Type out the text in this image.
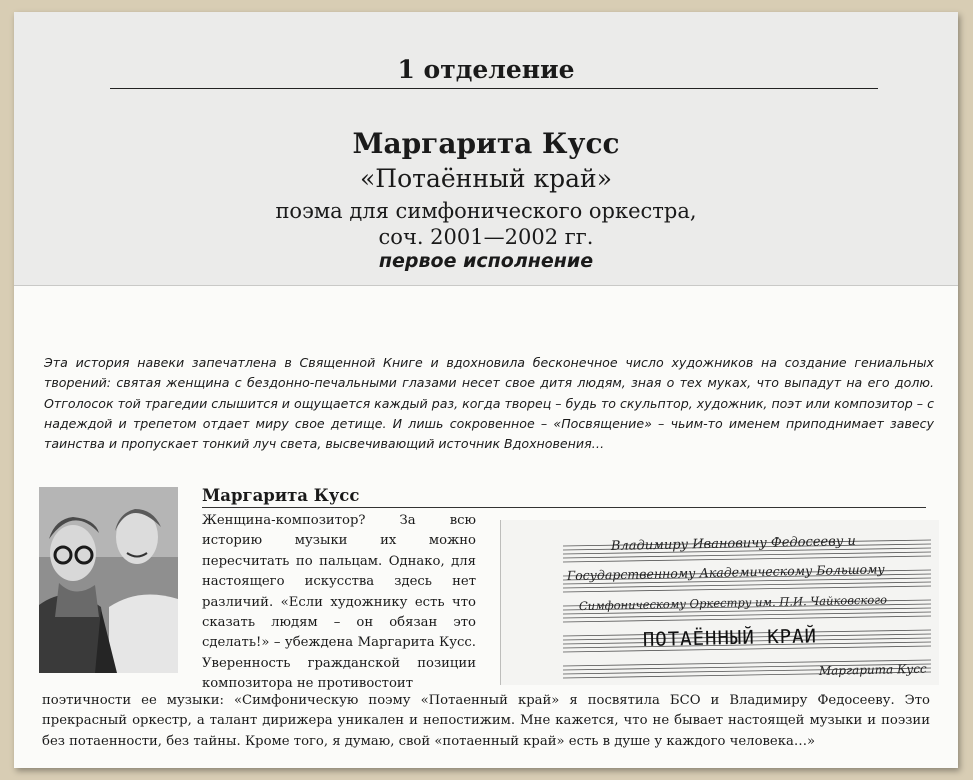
1 отделение
Маргарита Кусс
«Потаённый край»
поэма для симфонического оркестра,
соч. 2001—2002 гг.
первое исполнение
Эта история навеки запечатлена в Священной Книге и вдохновила бесконечное число художников на создание гениальных творений: святая женщина с бездонно-печальными глазами несет свое дитя людям, зная о тех муках, что выпадут на его долю. Отголосок той трагедии слышится и ощущается каждый раз, когда творец – будь то скульптор, художник, поэт или композитор – с надеждой и трепетом отдает миру свое детище. И лишь сокровенное – «Посвящение» – чьим-то именем приподнимает завесу таинства и пропускает тонкий луч света, высвечивающий источник Вдохновения…
Маргарита Кусс
Женщина-композитор? За всю историю музыки их можно пересчитать по пальцам. Однако, для настоящего искусства здесь нет различий. «Если художнику есть что сказать людям – он обязан это сделать!» – убеждена Маргарита Кусс. Уверенность гражданской позиции композитора не противостоит
Владимиру Ивановичу Федосееву и
Государственному Академическому Большому
Симфоническому Оркестру им. П.И. Чайковского
Маргарита Кусс
ПОТАЁННЫЙ КРАЙ
поэтичности ее музыки: «Симфоническую поэму «Потаенный край» я посвятила БСО и Владимиру Федосееву. Это прекрасный оркестр, а талант дирижера уникален и непостижим. Мне кажется, что не бывает настоящей музыки и поэзии без потаенности, без тайны. Кроме того, я думаю, свой «потаенный край» есть в душе у каждого человека…»
